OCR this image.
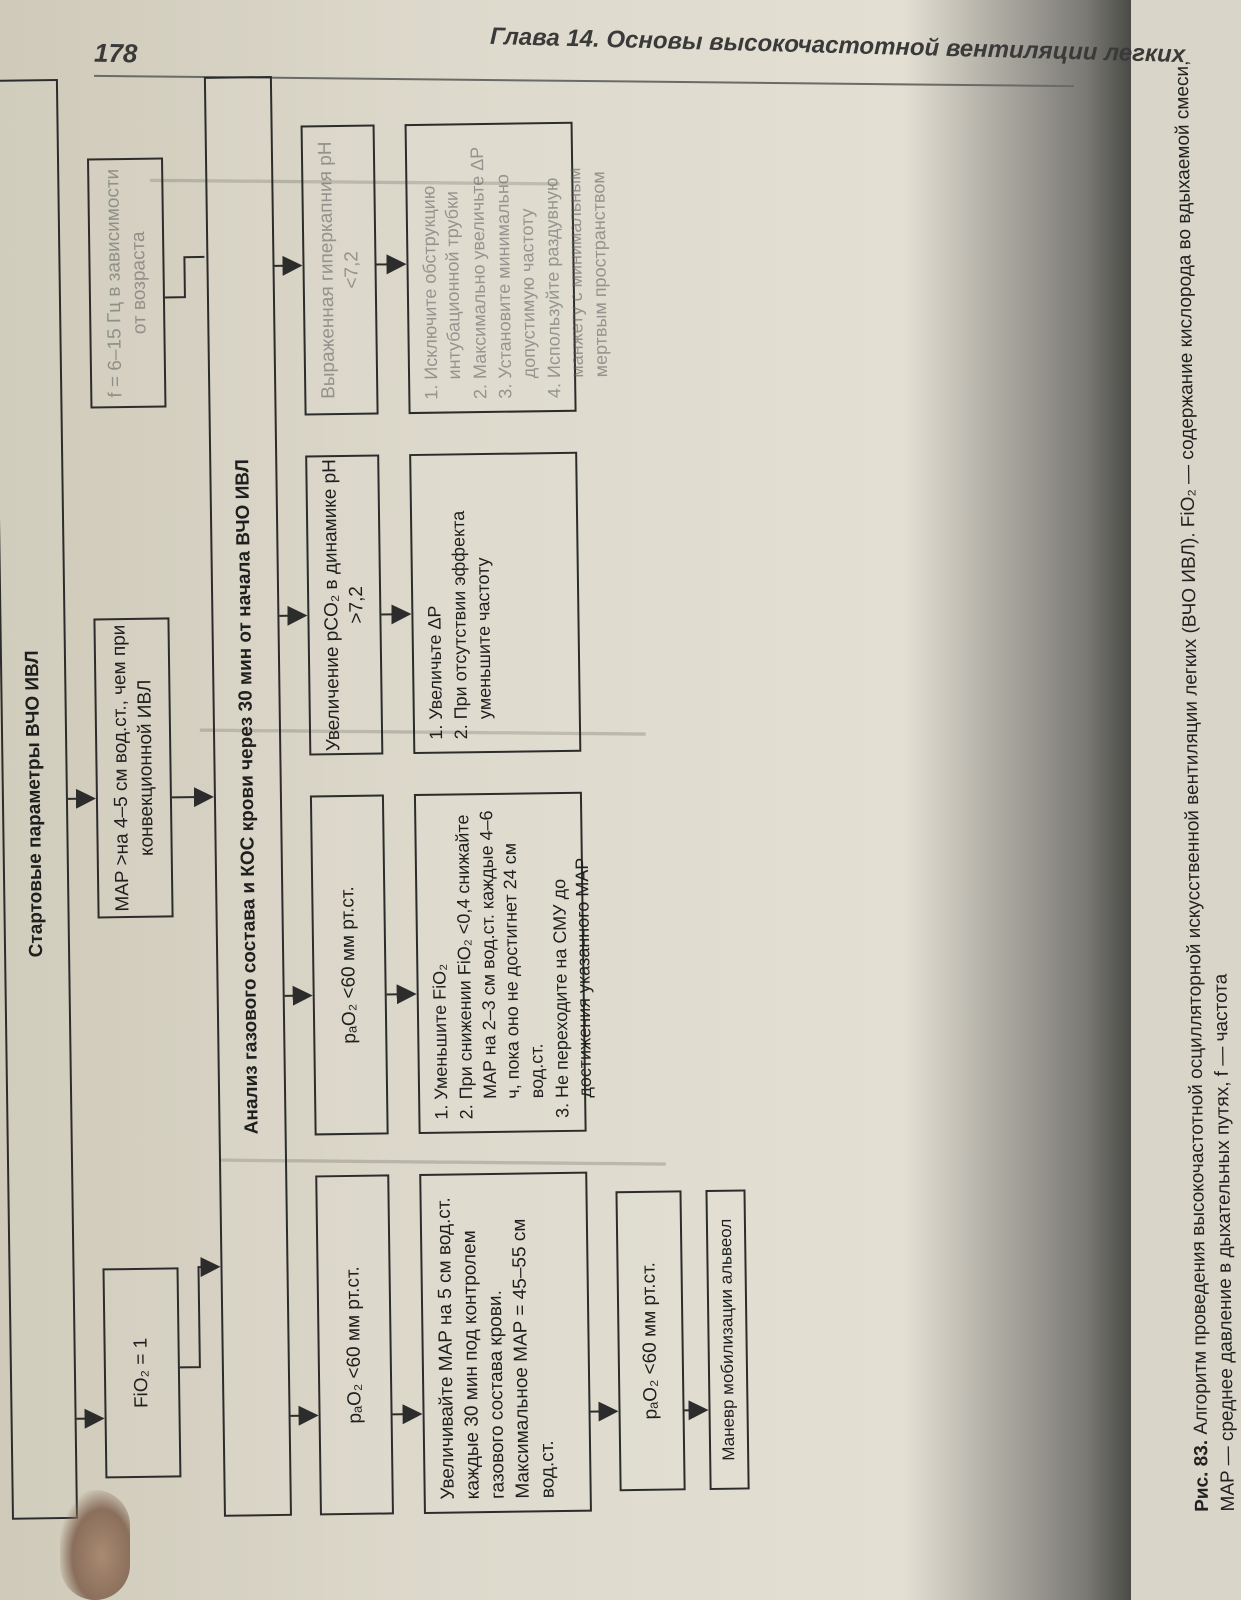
178	Глава 14. Основы высокочастотной вентиляции легких
━━━━━━━━━━━━━━━━━━━━━━━━━━━━━━━━━━
━━━━━━━━━━━━━━━━━━━━━━━━━━━━━━━━━━━━━
━━━━━━━━━━━━━━━━━━━━━━━━━━━━━━━━━━━━━
Стартовые параметры ВЧО ИВЛ
FiO₂ = 1
MAP >на 4–5 см вод.ст., чем при конвекционной ИВЛ
f = 6–15 Гц в зависимости от возраста
Анализ газового состава и КОС крови через 30 мин от начала ВЧО ИВЛ
pₐO₂ <60 мм рт.ст.
pₐO₂ <60 мм рт.ст.
Увеличение pCO₂ в динамике pH >7,2
Выраженная гиперкапния pH <7,2
Увеличивайте MAP на 5 см вод.ст. каждые 30 мин под контролем газового состава крови. Максимальное MAP = 45–55 см вод.ст.
1. Уменьшите FiO₂ 2. При снижении FiO₂ <0,4 снижайте MAP на 2–3 см вод.ст. каждые 4–6 ч, пока оно не достигнет 24 см вод.ст. 3. Не переходите на СМУ до достижения указанного MAP
1. Увеличьте ΔP 2. При отсутствии эффекта уменьшите частоту
1. Исключите обструкцию интубационной трубки 2. Максимально увеличьте ΔP 3. Установите минимально допустимую частоту 4. Используйте раздувную манжету с минимальным мертвым пространством
pₐO₂ <60 мм рт.ст.	Маневр мобилизации альвеол
Рис. 83. Алгоритм проведения высокочастотной осцилляторной искусственной вентиляции легких (ВЧО ИВЛ). FiO₂ — содержание кислорода во вдыхаемой смеси, MAP — среднее давление в дыхательных путях, f — частота
